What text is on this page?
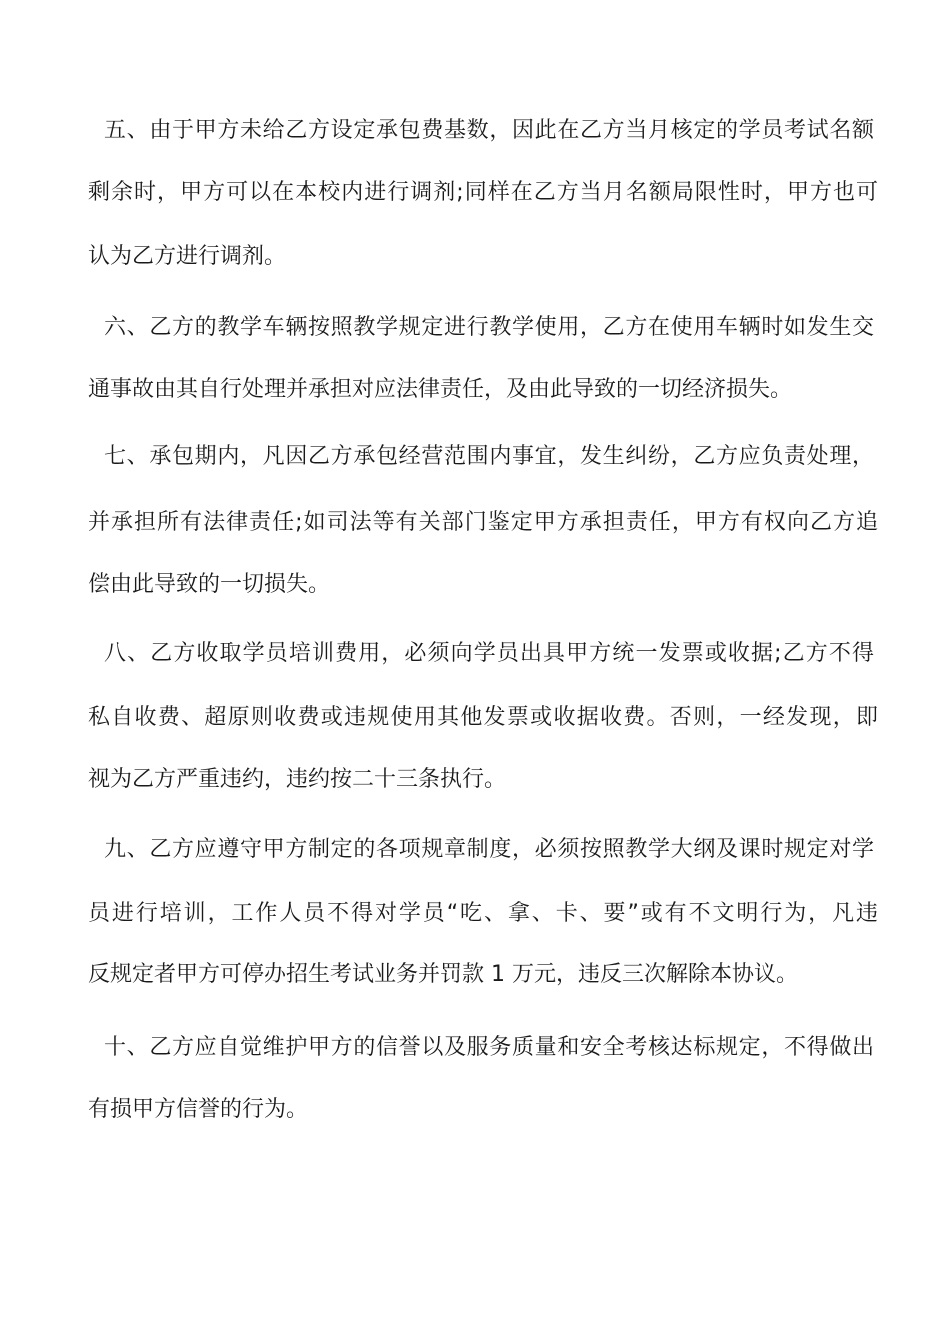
五、由于甲方未给乙方设定承包费基数，因此在乙方当月核定的学员考试名额
剩余时，甲方可以在本校内进行调剂;同样在乙方当月名额局限性时，甲方也可
认为乙方进行调剂。
六、乙方的教学车辆按照教学规定进行教学使用，乙方在使用车辆时如发生交
通事故由其自行处理并承担对应法律责任，及由此导致的一切经济损失。
七、承包期内，凡因乙方承包经营范围内事宜，发生纠纷，乙方应负责处理，
并承担所有法律责任;如司法等有关部门鉴定甲方承担责任，甲方有权向乙方追
偿由此导致的一切损失。
八、乙方收取学员培训费用，必须向学员出具甲方统一发票或收据;乙方不得
私自收费、超原则收费或违规使用其他发票或收据收费。否则，一经发现，即
视为乙方严重违约，违约按二十三条执行。
九、乙方应遵守甲方制定的各项规章制度，必须按照教学大纲及课时规定对学
员进行培训，工作人员不得对学员“吃、拿、卡、要”或有不文明行为，凡违
反规定者甲方可停办招生考试业务并罚款 1 万元，违反三次解除本协议。
十、乙方应自觉维护甲方的信誉以及服务质量和安全考核达标规定，不得做出
有损甲方信誉的行为。
